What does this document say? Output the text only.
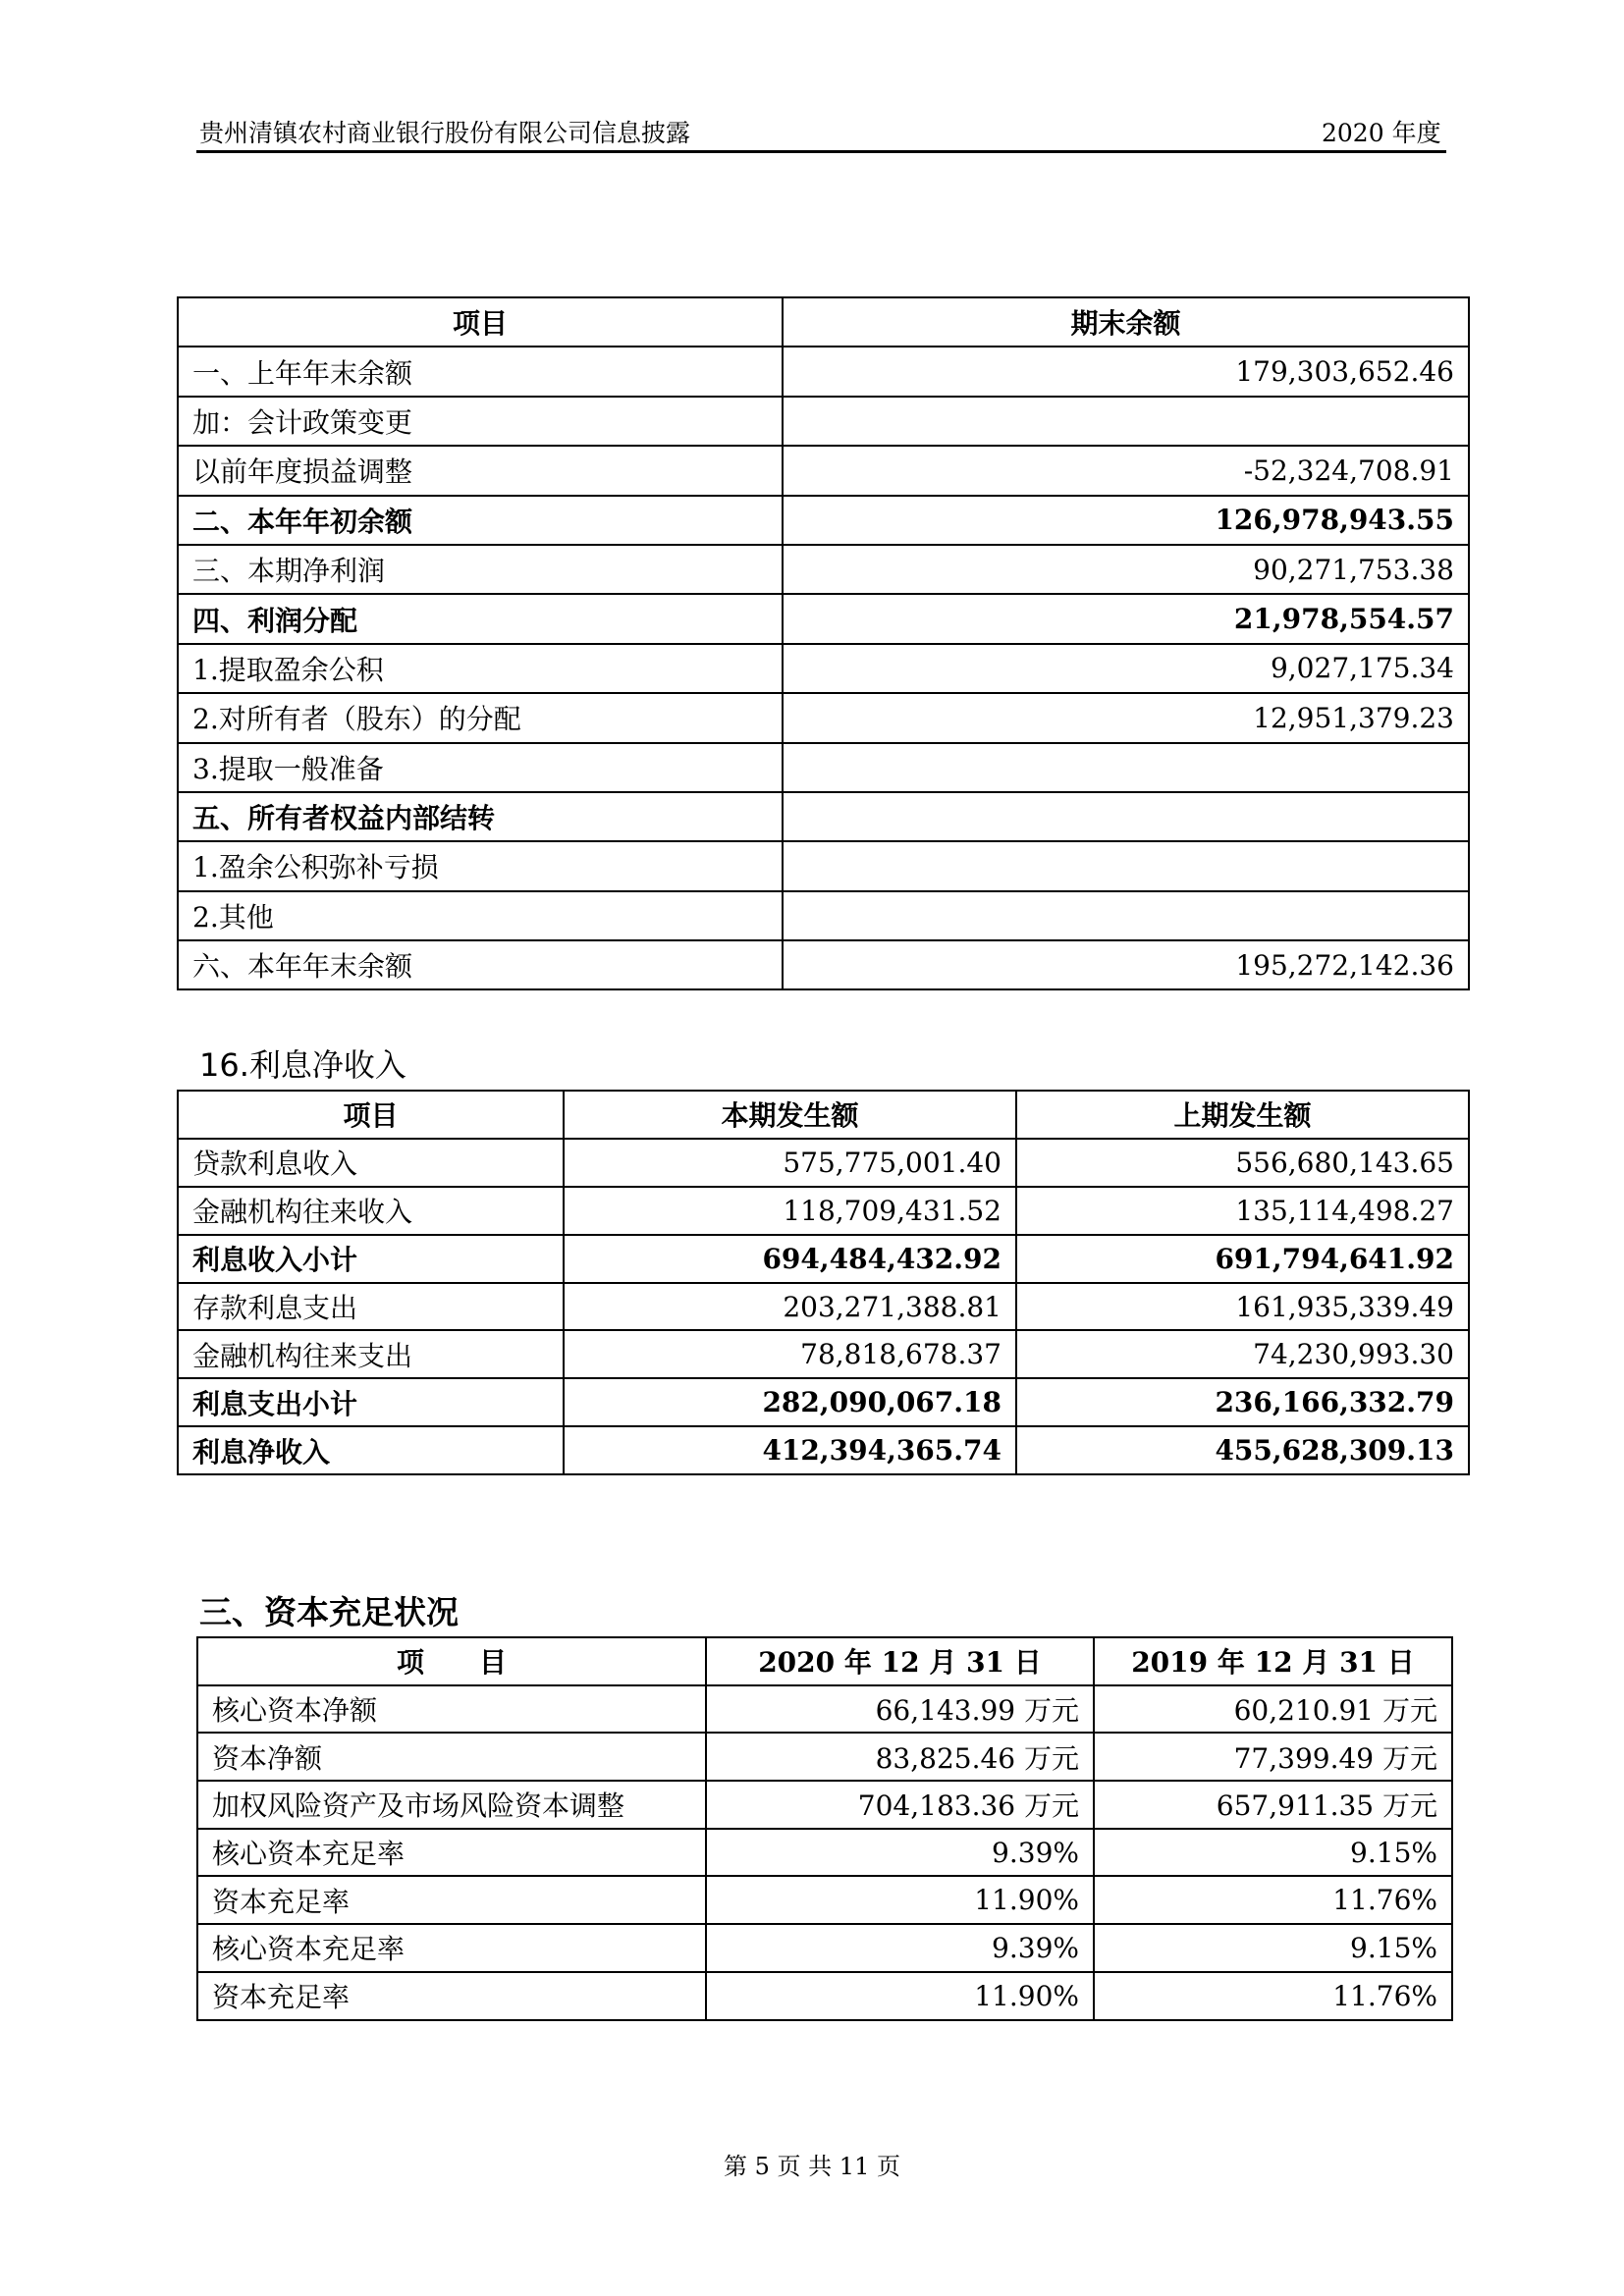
贵州清镇农村商业银行股份有限公司信息披露	2020 年度
项目	期末余额
一、上年年末余额	179,303,652.46
加：会计政策变更	
以前年度损益调整	-52,324,708.91
二、本年年初余额	126,978,943.55
三、本期净利润	90,271,753.38
四、利润分配	21,978,554.57
1.提取盈余公积	9,027,175.34
2.对所有者（股东）的分配	12,951,379.23
3.提取一般准备	
五、所有者权益内部结转	
1.盈余公积弥补亏损	
2.其他	
六、本年年末余额	195,272,142.36
16.利息净收入
项目	本期发生额	上期发生额
贷款利息收入	575,775,001.40	556,680,143.65
金融机构往来收入	118,709,431.52	135,114,498.27
利息收入小计	694,484,432.92	691,794,641.92
存款利息支出	203,271,388.81	161,935,339.49
金融机构往来支出	78,818,678.37	74,230,993.30
利息支出小计	282,090,067.18	236,166,332.79
利息净收入	412,394,365.74	455,628,309.13
三、资本充足状况
项　　目	2020 年 12 月 31 日	2019 年 12 月 31 日
核心资本净额	66,143.99 万元	60,210.91 万元
资本净额	83,825.46 万元	77,399.49 万元
加权风险资产及市场风险资本调整	704,183.36 万元	657,911.35 万元
核心资本充足率	9.39%	9.15%
资本充足率	11.90%	11.76%
核心资本充足率	9.39%	9.15%
资本充足率	11.90%	11.76%
第 5 页 共 11 页
